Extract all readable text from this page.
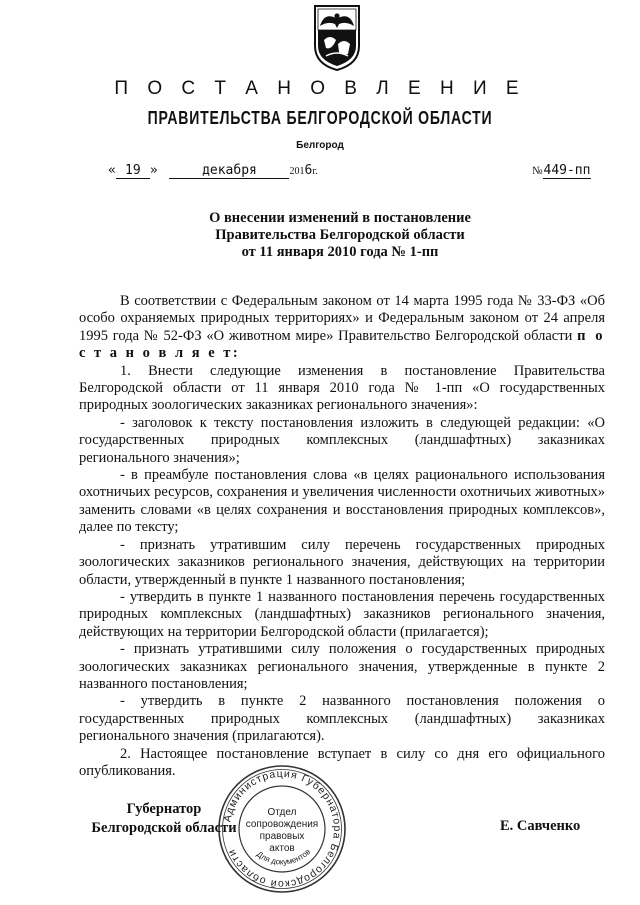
П О С Т А Н О В Л Е Н И Е
ПРАВИТЕЛЬСТВА БЕЛГОРОДСКОЙ ОБЛАСТИ
Белгород
« 19 »	декабря	2016г.	№449-пп
О внесении изменений в постановление
Правительства Белгородской области
от 11 января 2010 года № 1-пп

В соответствии с Федеральным законом от 14 марта 1995 года № 33-ФЗ «Об особо охраняемых природных территориях» и Федеральным законом от 24 апреля 1995 года № 52-ФЗ «О животном мире» Правительство Белгородской области п о с т а н о в л я е т:

1. Внести следующие изменения в постановление Правительства Белгородской области от 11 января 2010 года № 1-пп «О государственных природных зоологических заказниках регионального значения»:

- заголовок к тексту постановления изложить в следующей редакции: «О государственных природных комплексных (ландшафтных) заказниках регионального значения»;

- в преамбуле постановления слова «в целях рационального использования охотничьих ресурсов, сохранения и увеличения численности охотничьих животных» заменить словами «в целях сохранения и восстановления природных комплексов», далее по тексту;

- признать утратившим силу перечень государственных природных зоологических заказников регионального значения, действующих на территории области, утвержденный в пункте 1 названного постановления;

- утвердить в пункте 1 названного постановления перечень государственных природных комплексных (ландшафтных) заказников регионального значения, действующих на территории Белгородской области (прилагается);

- признать утратившими силу положения о государственных природных зоологических заказниках регионального значения, утвержденные в пункте 2 названного постановления;

- утвердить в пункте 2 названного постановления положения о государственных природных комплексных (ландшафтных) заказниках регионального значения (прилагаются).

2. Настоящее постановление вступает в силу со дня его официального опубликования.

Администрация Губернатора Белгородской области	Для документов
Отдел
сопровождения
правовых
актов
Губернатор
Белгородской области	Е. Савченко
